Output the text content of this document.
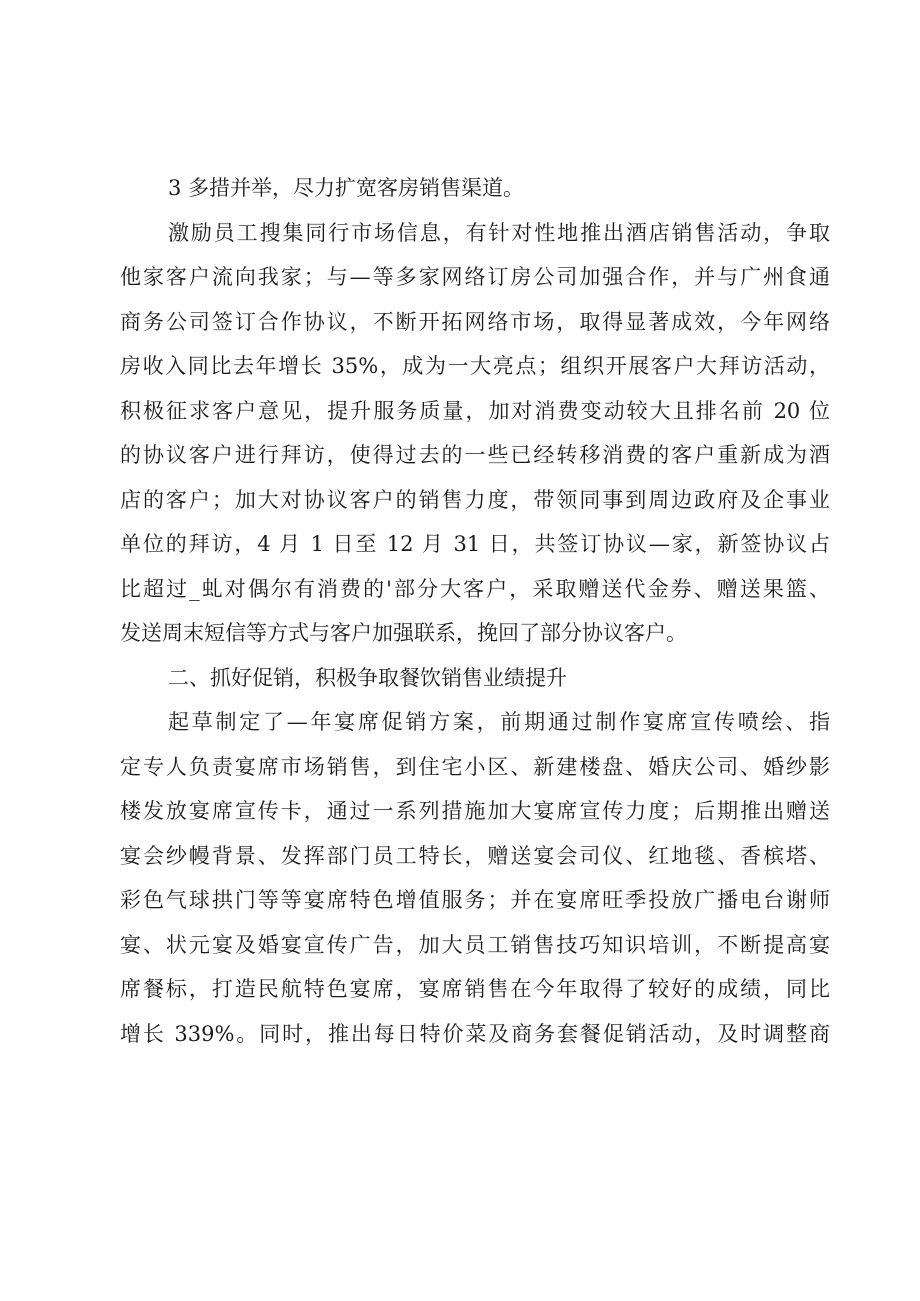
3 多措并举，尽力扩宽客房销售渠道。
激励员工搜集同行市场信息，有针对性地推出酒店销售活动，争取
他家客户流向我家；与—等多家网络订房公司加强合作，并与广州食通
商务公司签订合作协议，不断开拓网络市场，取得显著成效，今年网络
房收入同比去年增长 35%，成为一大亮点；组织开展客户大拜访活动，
积极征求客户意见，提升服务质量，加对消费变动较大且排名前 20 位
的协议客户进行拜访，使得过去的一些已经转移消费的客户重新成为酒
店的客户；加大对协议客户的销售力度，带领同事到周边政府及企事业
单位的拜访，4 月 1 日至 12 月 31 日，共签订协议—家，新签协议占
比超过_虬对偶尔有消费的'部分大客户，采取赠送代金券、赠送果篮、
发送周末短信等方式与客户加强联系，挽回了部分协议客户。
二、抓好促销，积极争取餐饮销售业绩提升
起草制定了—年宴席促销方案，前期通过制作宴席宣传喷绘、指
定专人负责宴席市场销售，到住宅小区、新建楼盘、婚庆公司、婚纱影
楼发放宴席宣传卡，通过一系列措施加大宴席宣传力度；后期推出赠送
宴会纱幔背景、发挥部门员工特长，赠送宴会司仪、红地毯、香槟塔、
彩色气球拱门等等宴席特色增值服务；并在宴席旺季投放广播电台谢师
宴、状元宴及婚宴宣传广告，加大员工销售技巧知识培训，不断提高宴
席餐标，打造民航特色宴席，宴席销售在今年取得了较好的成绩，同比
增长 339%。同时，推出每日特价菜及商务套餐促销活动，及时调整商
